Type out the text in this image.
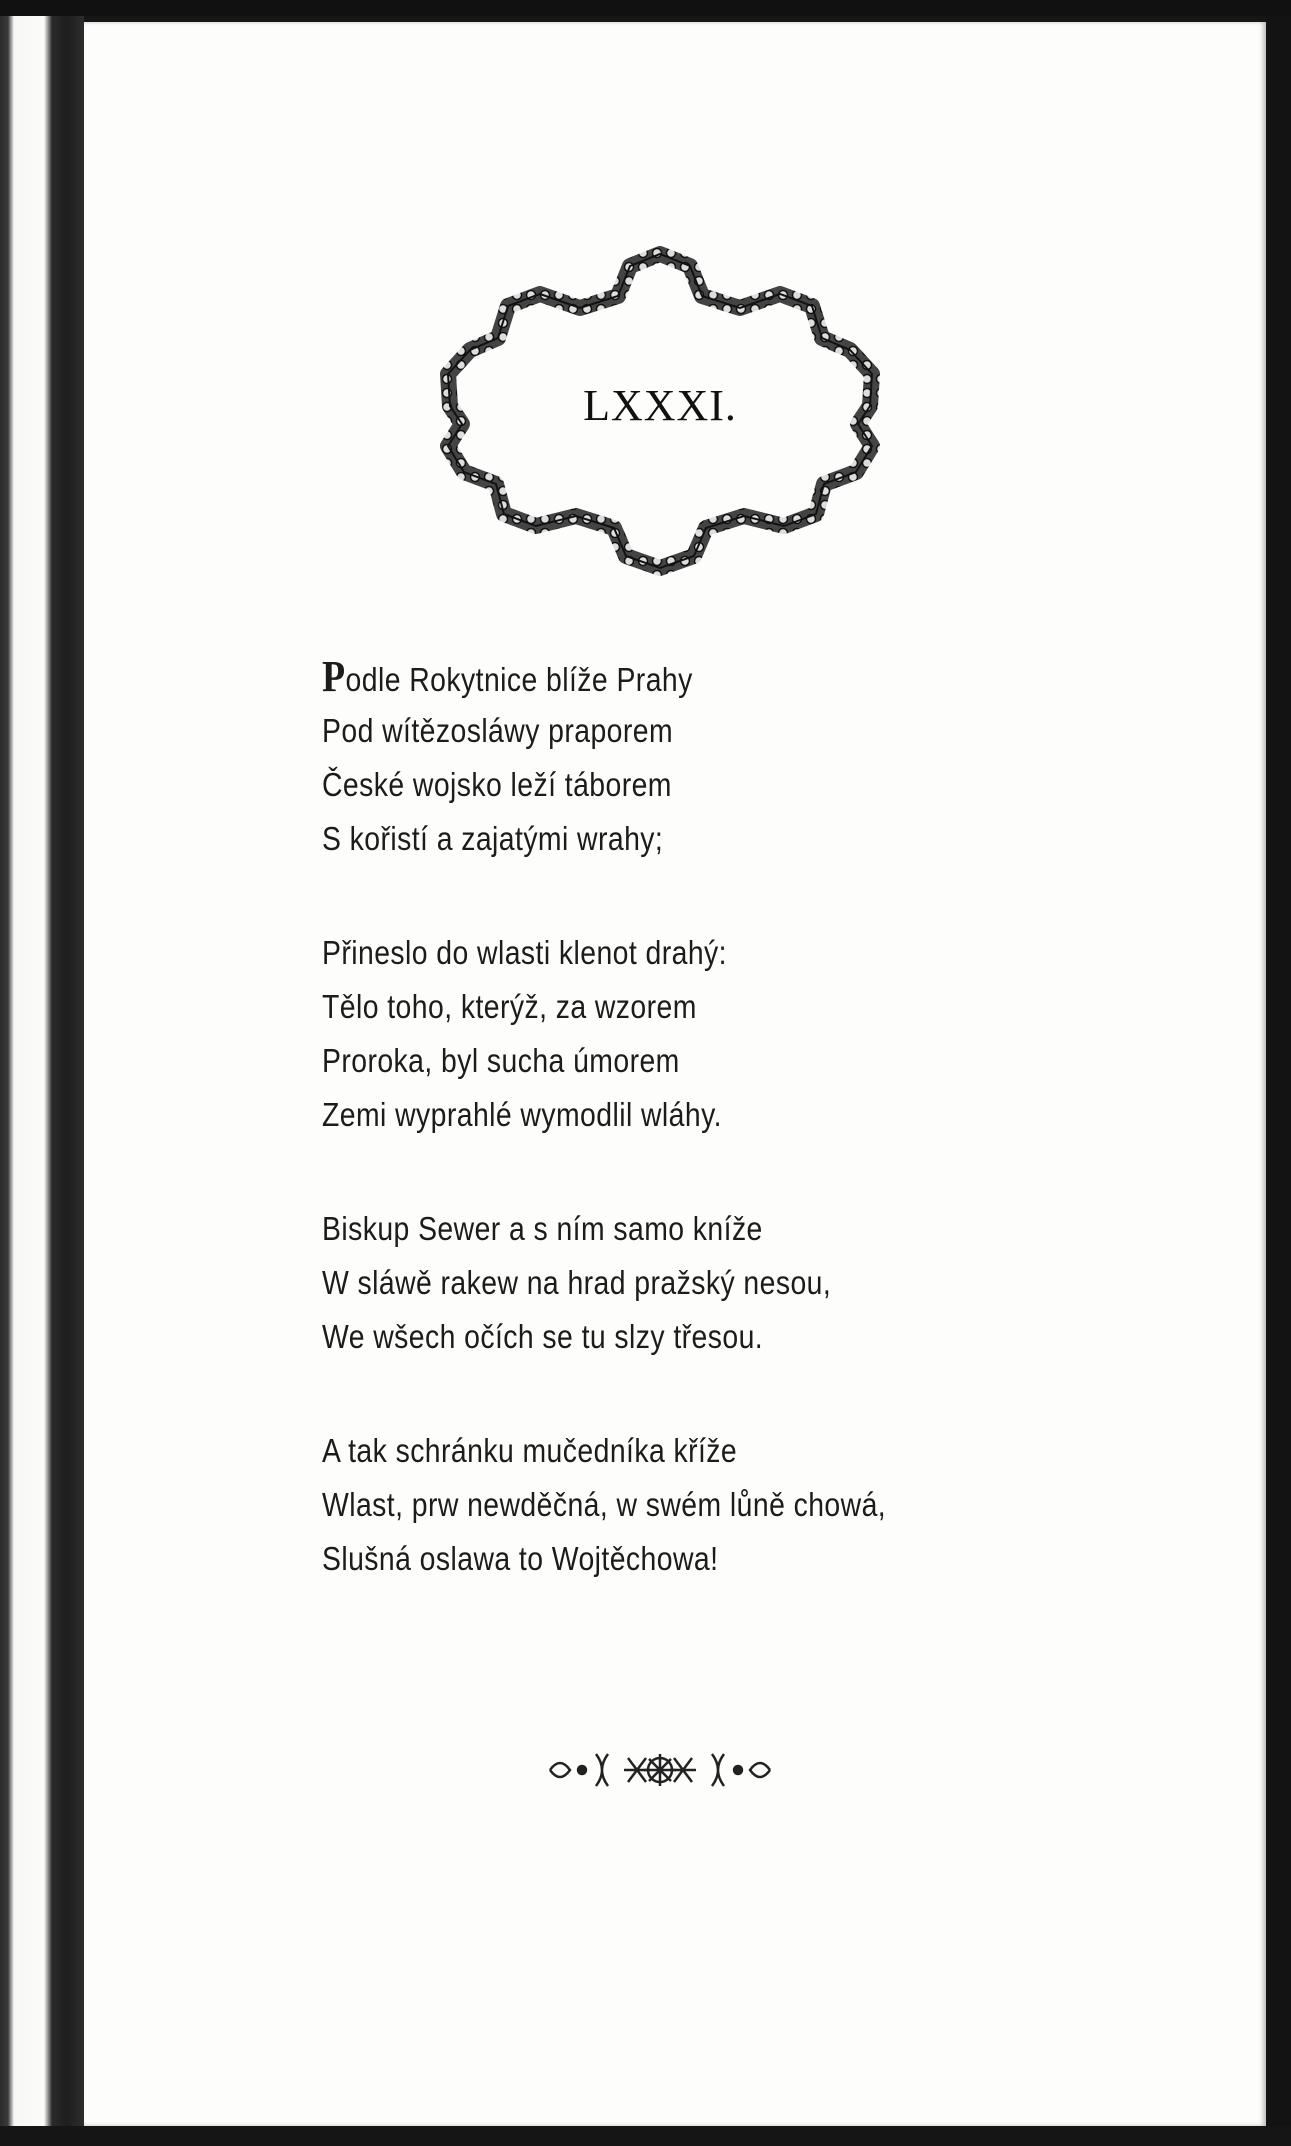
LXXXI.
Podle Rokytnice blíže Prahy
Pod wítězosláwy praporem
České wojsko leží táborem
S kořistí a zajatými wrahy;
Přineslo do wlasti klenot drahý:
Tělo toho, kterýž, za wzorem
Proroka, byl sucha úmorem
Zemi wyprahlé wymodlil wláhy.
Biskup Sewer a s ním samo kníže
W sláwě rakew na hrad pražský nesou,
We wšech očích se tu slzy třesou.
A tak schránku mučedníka kříže
Wlast, prw newděčná, w swém lůně chowá,
Slušná oslawa to Wojtěchowa!
